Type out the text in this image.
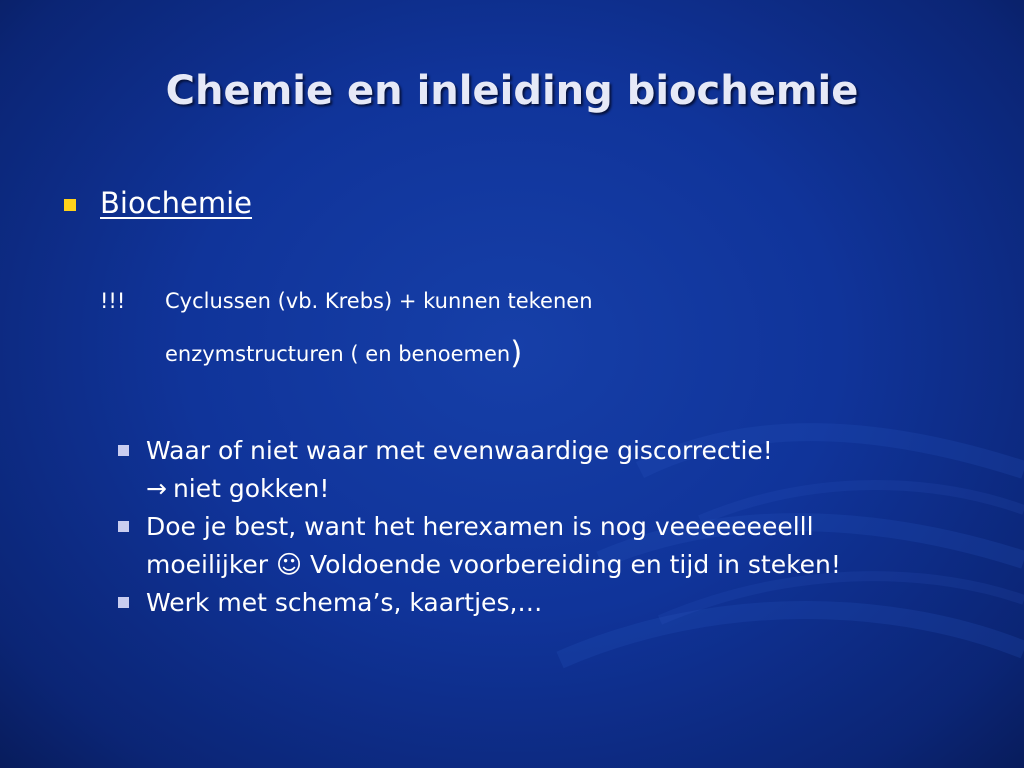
Chemie en inleiding biochemie
Biochemie
!!! Cyclussen (vb. Krebs) + kunnen tekenen
enzymstructuren ( en benoemen)
Waar of niet waar met evenwaardige giscorrectie!
→ niet gokken!
Doe je best, want het herexamen is nog veeeeeeeelll
moeilijker ☺ Voldoende voorbereiding en tijd in steken!
Werk met schema’s, kaartjes,…
